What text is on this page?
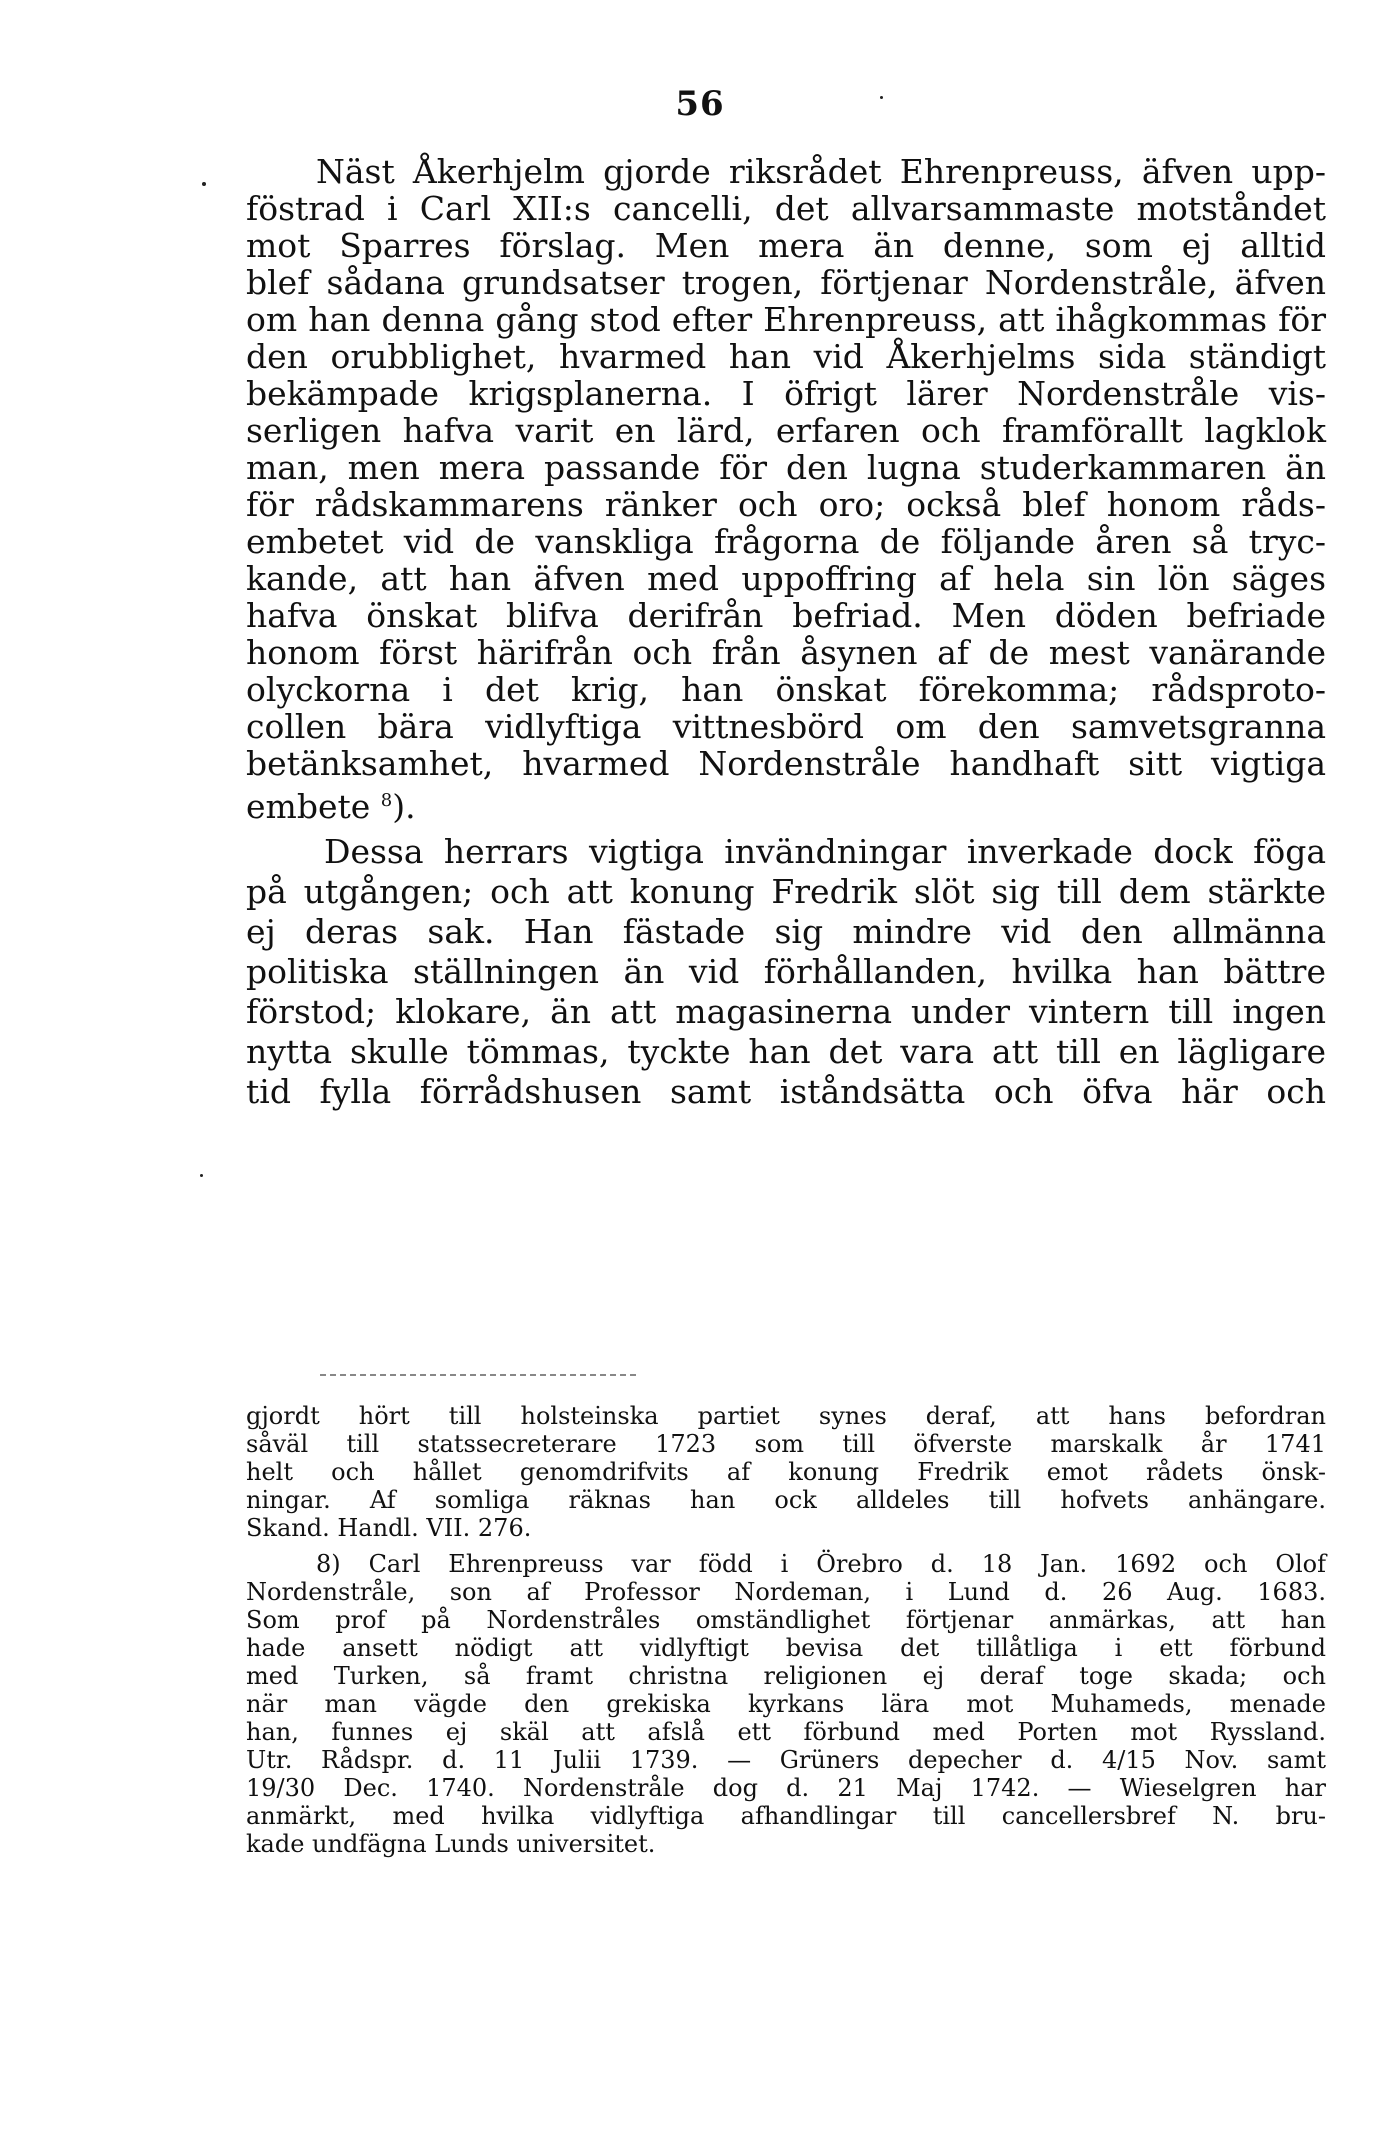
56
Näst Åkerhjelm gjorde riksrådet Ehrenpreuss, äfven upp-
föstrad i Carl XII:s cancelli, det allvarsammaste motståndet
mot Sparres förslag. Men mera än denne, som ej alltid
blef sådana grundsatser trogen, förtjenar Nordenstråle, äfven
om han denna gång stod efter Ehrenpreuss, att ihågkommas för
den orubblighet, hvarmed han vid Åkerhjelms sida ständigt
bekämpade krigsplanerna. I öfrigt lärer Nordenstråle vis-
serligen hafva varit en lärd, erfaren och framförallt lagklok
man, men mera passande för den lugna studerkammaren än
för rådskammarens ränker och oro; också blef honom råds-
embetet vid de vanskliga frågorna de följande åren så tryc-
kande, att han äfven med uppoffring af hela sin lön säges
hafva önskat blifva derifrån befriad. Men döden befriade
honom först härifrån och från åsynen af de mest vanärande
olyckorna i det krig, han önskat förekomma; rådsproto-
collen bära vidlyftiga vittnesbörd om den samvetsgranna
betänksamhet, hvarmed Nordenstråle handhaft sitt vigtiga
embete $^8$).
Dessa herrars vigtiga invändningar inverkade dock föga
på utgången; och att konung Fredrik slöt sig till dem stärkte
ej deras sak. Han fästade sig mindre vid den allmänna
politiska ställningen än vid förhållanden, hvilka han bättre
förstod; klokare, än att magasinerna under vintern till ingen
nytta skulle tömmas, tyckte han det vara att till en lägligare
tid fylla förrådshusen samt iståndsätta och öfva här och
gjordt hört till holsteinska partiet synes deraf, att hans befordran
såväl till statssecreterare 1723 som till öfverste marskalk år 1741
helt och hållet genomdrifvits af konung Fredrik emot rådets önsk-
ningar. Af somliga räknas han ock alldeles till hofvets anhängare.
Skand. Handl. VII. 276.
8) Carl Ehrenpreuss var född i Örebro d. 18 Jan. 1692 och Olof
Nordenstråle, son af Professor Nordeman, i Lund d. 26 Aug. 1683.
Som prof på Nordenstråles omständlighet förtjenar anmärkas, att han
hade ansett nödigt att vidlyftigt bevisa det tillåtliga i ett förbund
med Turken, så framt christna religionen ej deraf toge skada; och
när man vägde den grekiska kyrkans lära mot Muhameds, menade
han, funnes ej skäl att afslå ett förbund med Porten mot Ryssland.
Utr. Rådspr. d. 11 Julii 1739. — Grüners depecher d. 4/15 Nov. samt
19/30 Dec. 1740. Nordenstråle dog d. 21 Maj 1742. — Wieselgren har
anmärkt, med hvilka vidlyftiga afhandlingar till cancellersbref N. bru-
kade undfägna Lunds universitet.
